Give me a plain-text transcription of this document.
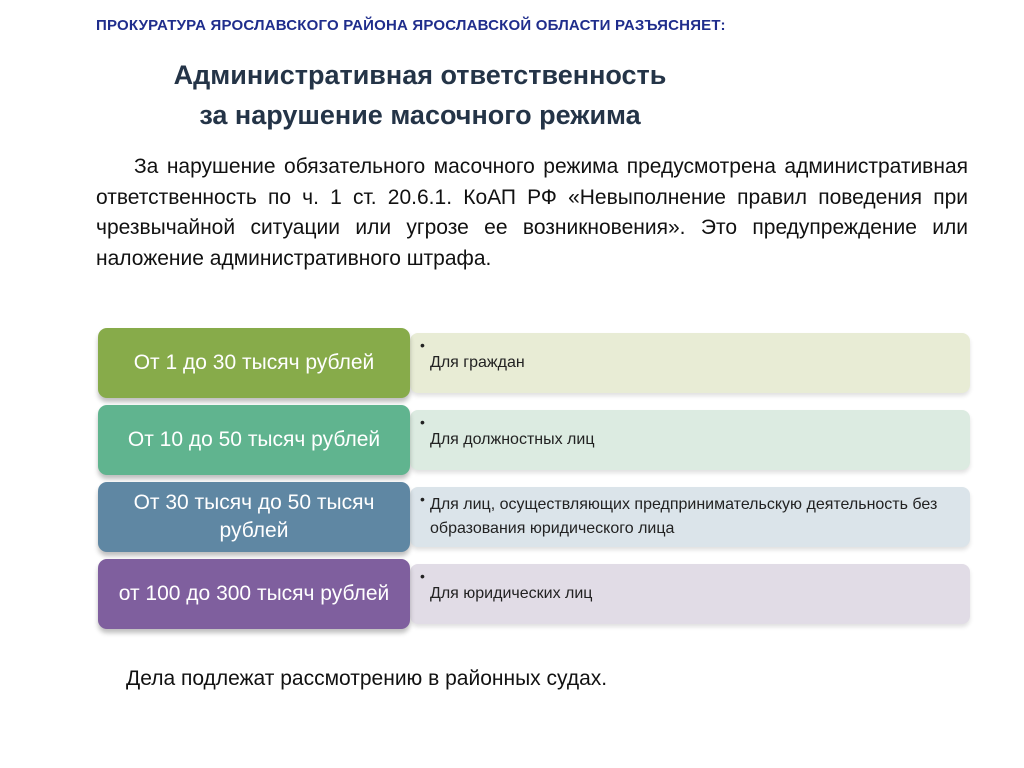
ПРОКУРАТУРА ЯРОСЛАВСКОГО РАЙОНА ЯРОСЛАВСКОЙ ОБЛАСТИ РАЗЪЯСНЯЕТ:
Административная ответственность
за нарушение масочного режима
За нарушение обязательного масочного режима предусмотрена административная ответственность по ч. 1 ст. 20.6.1. КоАП РФ «Невыполнение правил поведения при чрезвычайной ситуации или угрозе ее возникновения». Это предупреждение или наложение административного штрафа.
•
Для граждан
От 1 до 30 тысяч рублей
•
Для должностных лиц
От 10 до 50 тысяч рублей
• Для лиц, осуществляющих предпринимательскую деятельность без образования юридического лица
От 30 тысяч до 50 тысяч рублей
•
Для юридических лиц
от 100 до 300 тысяч рублей
Дела подлежат рассмотрению в районных судах.
